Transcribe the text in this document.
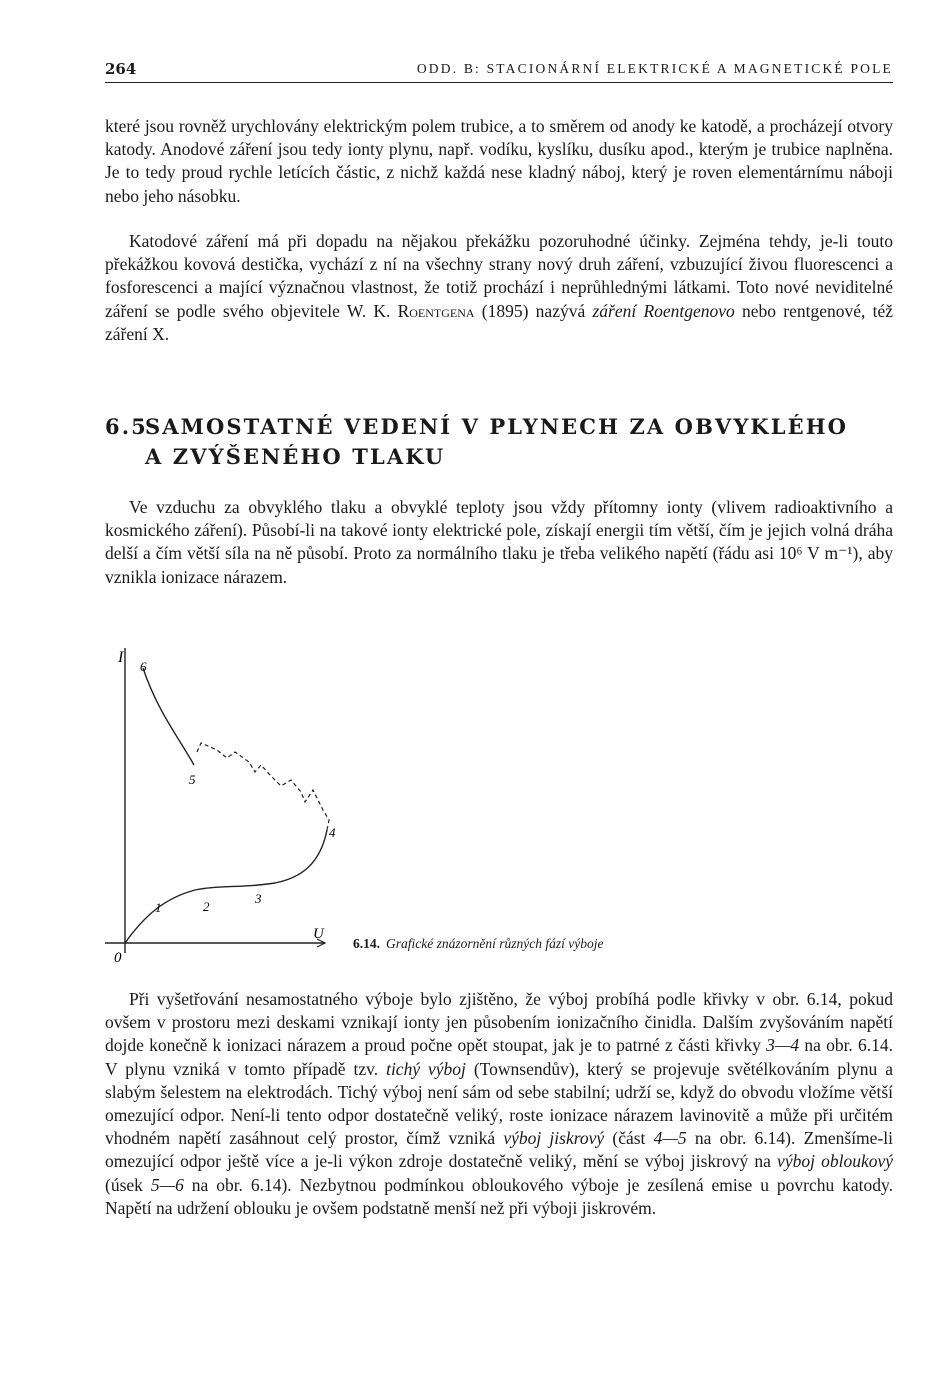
264	ODD. B: STACIONÁRNÍ ELEKTRICKÉ A MAGNETICKÉ POLE

které jsou rovněž urychlovány elektrickým polem trubice, a to směrem od anody ke katodě, a procházejí otvory katody. Anodové záření jsou tedy ionty plynu, např. vodíku, kyslíku, dusíku apod., kterým je trubice naplněna. Je to tedy proud rychle letících částic, z nichž každá nese kladný náboj, který je roven elementárnímu náboji nebo jeho násobku.

Katodové záření má při dopadu na nějakou překážku pozoruhodné účinky. Zejména tehdy, je-li touto překážkou kovová destička, vychází z ní na všechny strany nový druh záření, vzbuzující živou fluorescenci a fosforescenci a mající význačnou vlastnost, že totiž prochází i neprůhlednými látkami. Toto nové neviditelné záření se podle svého objevitele W. K. Roentgena (1895) nazývá záření Roentgenovo nebo rentgenové, též záření X.

6.5SAMOSTATNÉ VEDENÍ V PLYNECH ZA OBVYKLÉHO
A ZVÝŠENÉHO TLAKU

Ve vzduchu za obvyklého tlaku a obvyklé teploty jsou vždy přítomny ionty (vlivem radioaktivního a kosmického záření). Působí-li na takové ionty elektrické pole, získají energii tím větší, čím je jejich volná dráha delší a čím větší síla na ně působí. Proto za normálního tlaku je třeba velikého napětí (řádu asi 10⁶ V m⁻¹), aby vznikla ionizace nárazem.

I
U
0
1	2
3
4
5
6
6.14. Grafické znázornění různých fází výboje

Při vyšetřování nesamostatného výboje bylo zjištěno, že výboj probíhá podle křivky v obr. 6.14, pokud ovšem v prostoru mezi deskami vznikají ionty jen působením ionizačního činidla. Dalším zvyšováním napětí dojde konečně k ionizaci nárazem a proud počne opět stoupat, jak je to patrné z části křivky 3—4 na obr. 6.14. V plynu vzniká v tomto případě tzv. tichý výboj (Townsendův), který se projevuje světélkováním plynu a slabým šelestem na elektrodách. Tichý výboj není sám od sebe stabilní; udrží se, když do obvodu vložíme větší omezující odpor. Není-li tento odpor dostatečně veliký, roste ionizace nárazem lavinovitě a může při určitém vhodném napětí zasáhnout celý prostor, čímž vzniká výboj jiskrový (část 4—5 na obr. 6.14). Zmenšíme-li omezující odpor ještě více a je-li výkon zdroje dostatečně veliký, mění se výboj jiskrový na výboj obloukový (úsek 5—6 na obr. 6.14). Nezbytnou podmínkou obloukového výboje je zesílená emise u povrchu katody. Napětí na udržení oblouku je ovšem podstatně menší než při výboji jiskrovém.
